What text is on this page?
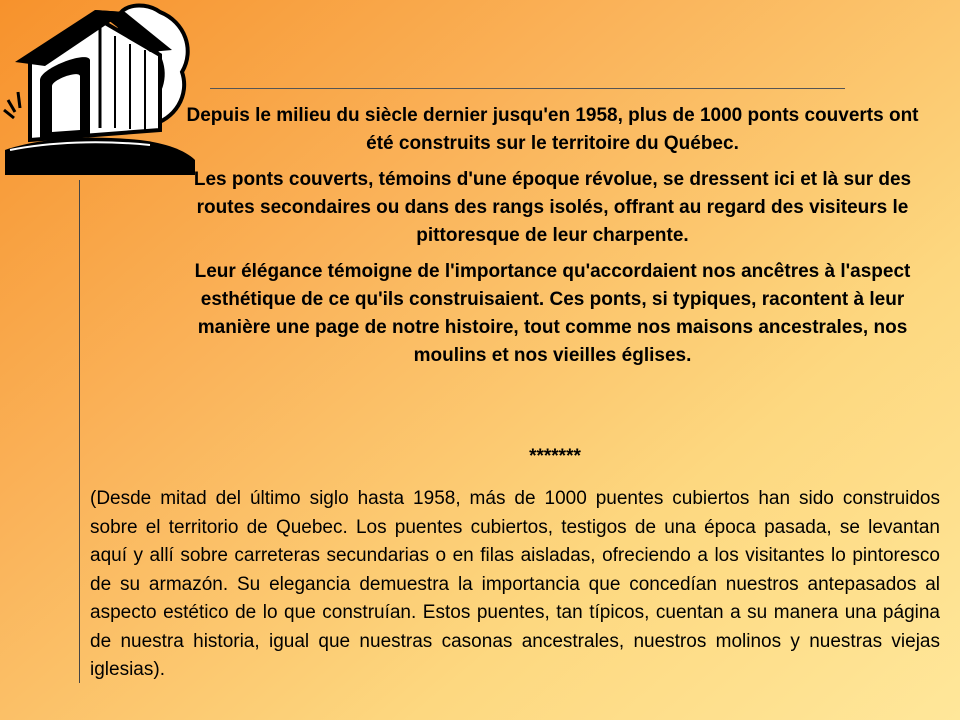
Depuis le milieu du siècle dernier jusqu'en 1958, plus de 1000 ponts couverts ont été construits sur le territoire du Québec.

Les ponts couverts, témoins d'une époque révolue, se dressent ici et là sur des routes secondaires ou dans des rangs isolés, offrant au regard des visiteurs le pittoresque de leur charpente.

Leur élégance témoigne de l'importance qu'accordaient nos ancêtres à l'aspect esthétique de ce qu'ils construisaient. Ces ponts, si typiques, racontent à leur manière une page de notre histoire, tout comme nos maisons ancestrales, nos moulins et nos vieilles églises.

*******

(Desde mitad del último siglo hasta 1958, más de 1000 puentes cubiertos han sido construidos sobre el territorio de Quebec. Los puentes cubiertos, testigos de una época pasada, se levantan aquí y allí sobre carreteras secundarias o en filas aisladas, ofreciendo a los visitantes lo pintoresco de su armazón. Su elegancia demuestra la importancia que concedían nuestros antepasados al aspecto estético de lo que construían. Estos puentes, tan típicos, cuentan a su manera una página de nuestra historia, igual que nuestras casonas ancestrales, nuestros molinos y nuestras viejas iglesias).
